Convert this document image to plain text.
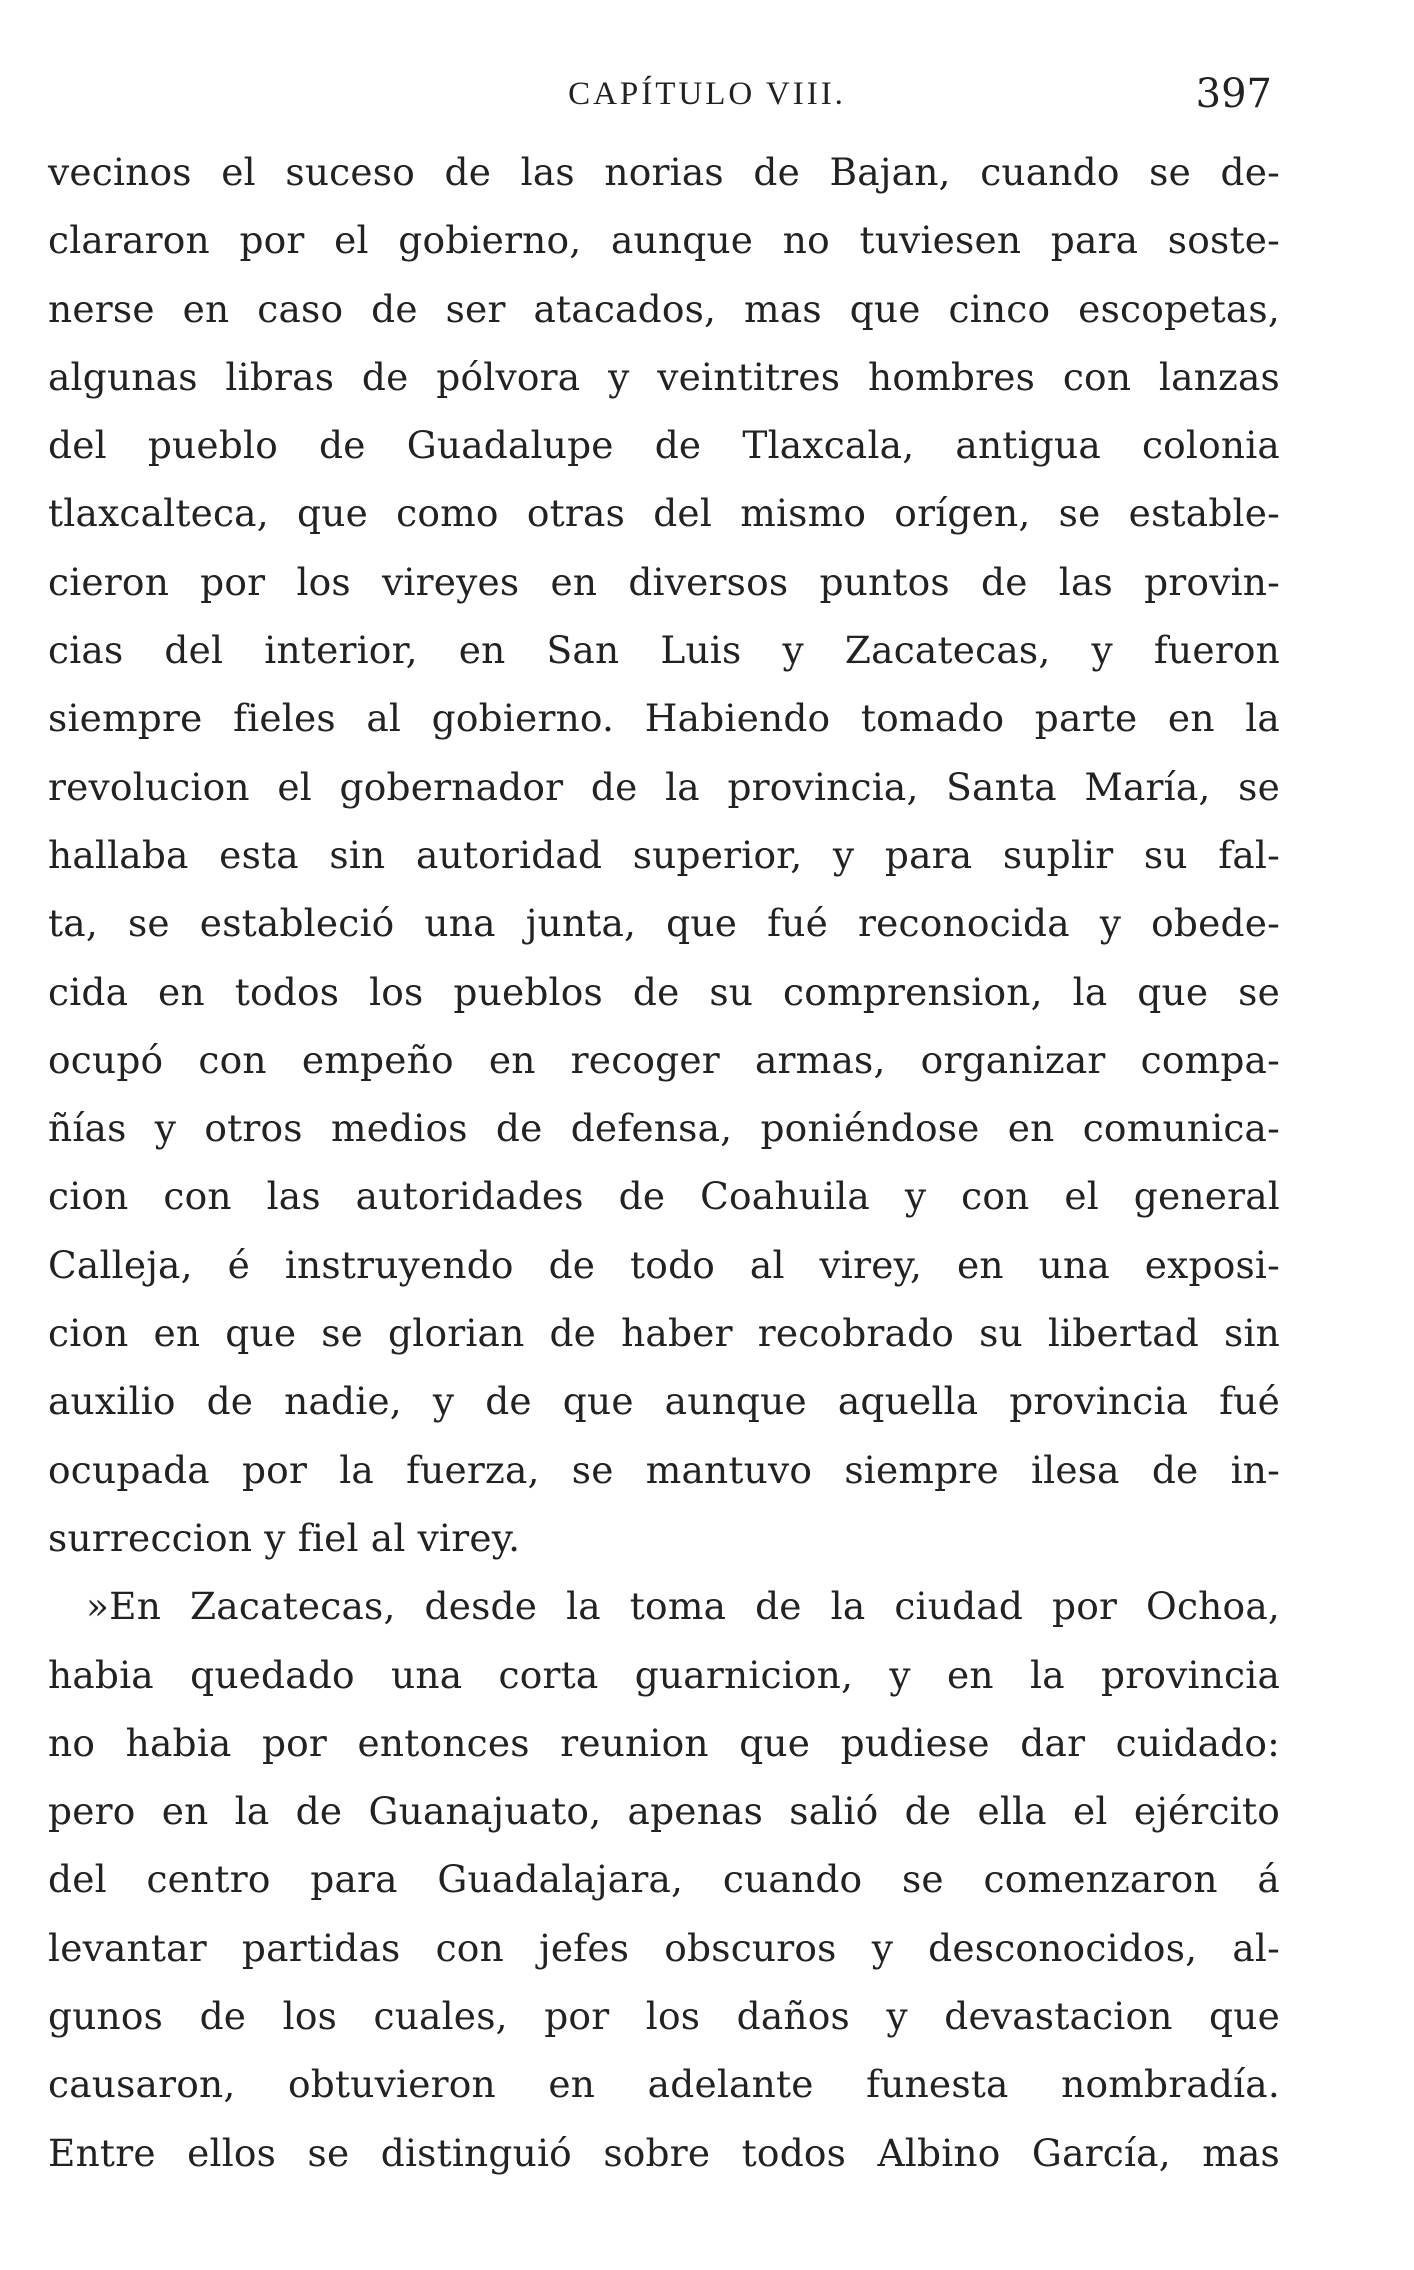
CAPÍTULO VIII.	397
vecinos el suceso de las norias de Bajan, cuando se de-
clararon por el gobierno, aunque no tuviesen para soste-
nerse en caso de ser atacados, mas que cinco escopetas,
algunas libras de pólvora y veintitres hombres con lanzas
del pueblo de Guadalupe de Tlaxcala, antigua colonia
tlaxcalteca, que como otras del mismo orígen, se estable-
cieron por los vireyes en diversos puntos de las provin-
cias del interior, en San Luis y Zacatecas, y fueron
siempre fieles al gobierno. Habiendo tomado parte en la
revolucion el gobernador de la provincia, Santa María, se
hallaba esta sin autoridad superior, y para suplir su fal-
ta, se estableció una junta, que fué reconocida y obede-
cida en todos los pueblos de su comprension, la que se
ocupó con empeño en recoger armas, organizar compa-
ñías y otros medios de defensa, poniéndose en comunica-
cion con las autoridades de Coahuila y con el general
Calleja, é instruyendo de todo al virey, en una exposi-
cion en que se glorian de haber recobrado su libertad sin
auxilio de nadie, y de que aunque aquella provincia fué
ocupada por la fuerza, se mantuvo siempre ilesa de in-
surreccion y fiel al virey.
»En Zacatecas, desde la toma de la ciudad por Ochoa,
habia quedado una corta guarnicion, y en la provincia
no habia por entonces reunion que pudiese dar cuidado:
pero en la de Guanajuato, apenas salió de ella el ejército
del centro para Guadalajara, cuando se comenzaron á
levantar partidas con jefes obscuros y desconocidos, al-
gunos de los cuales, por los daños y devastacion que
causaron, obtuvieron en adelante funesta nombradía.
Entre ellos se distinguió sobre todos Albino García, mas
